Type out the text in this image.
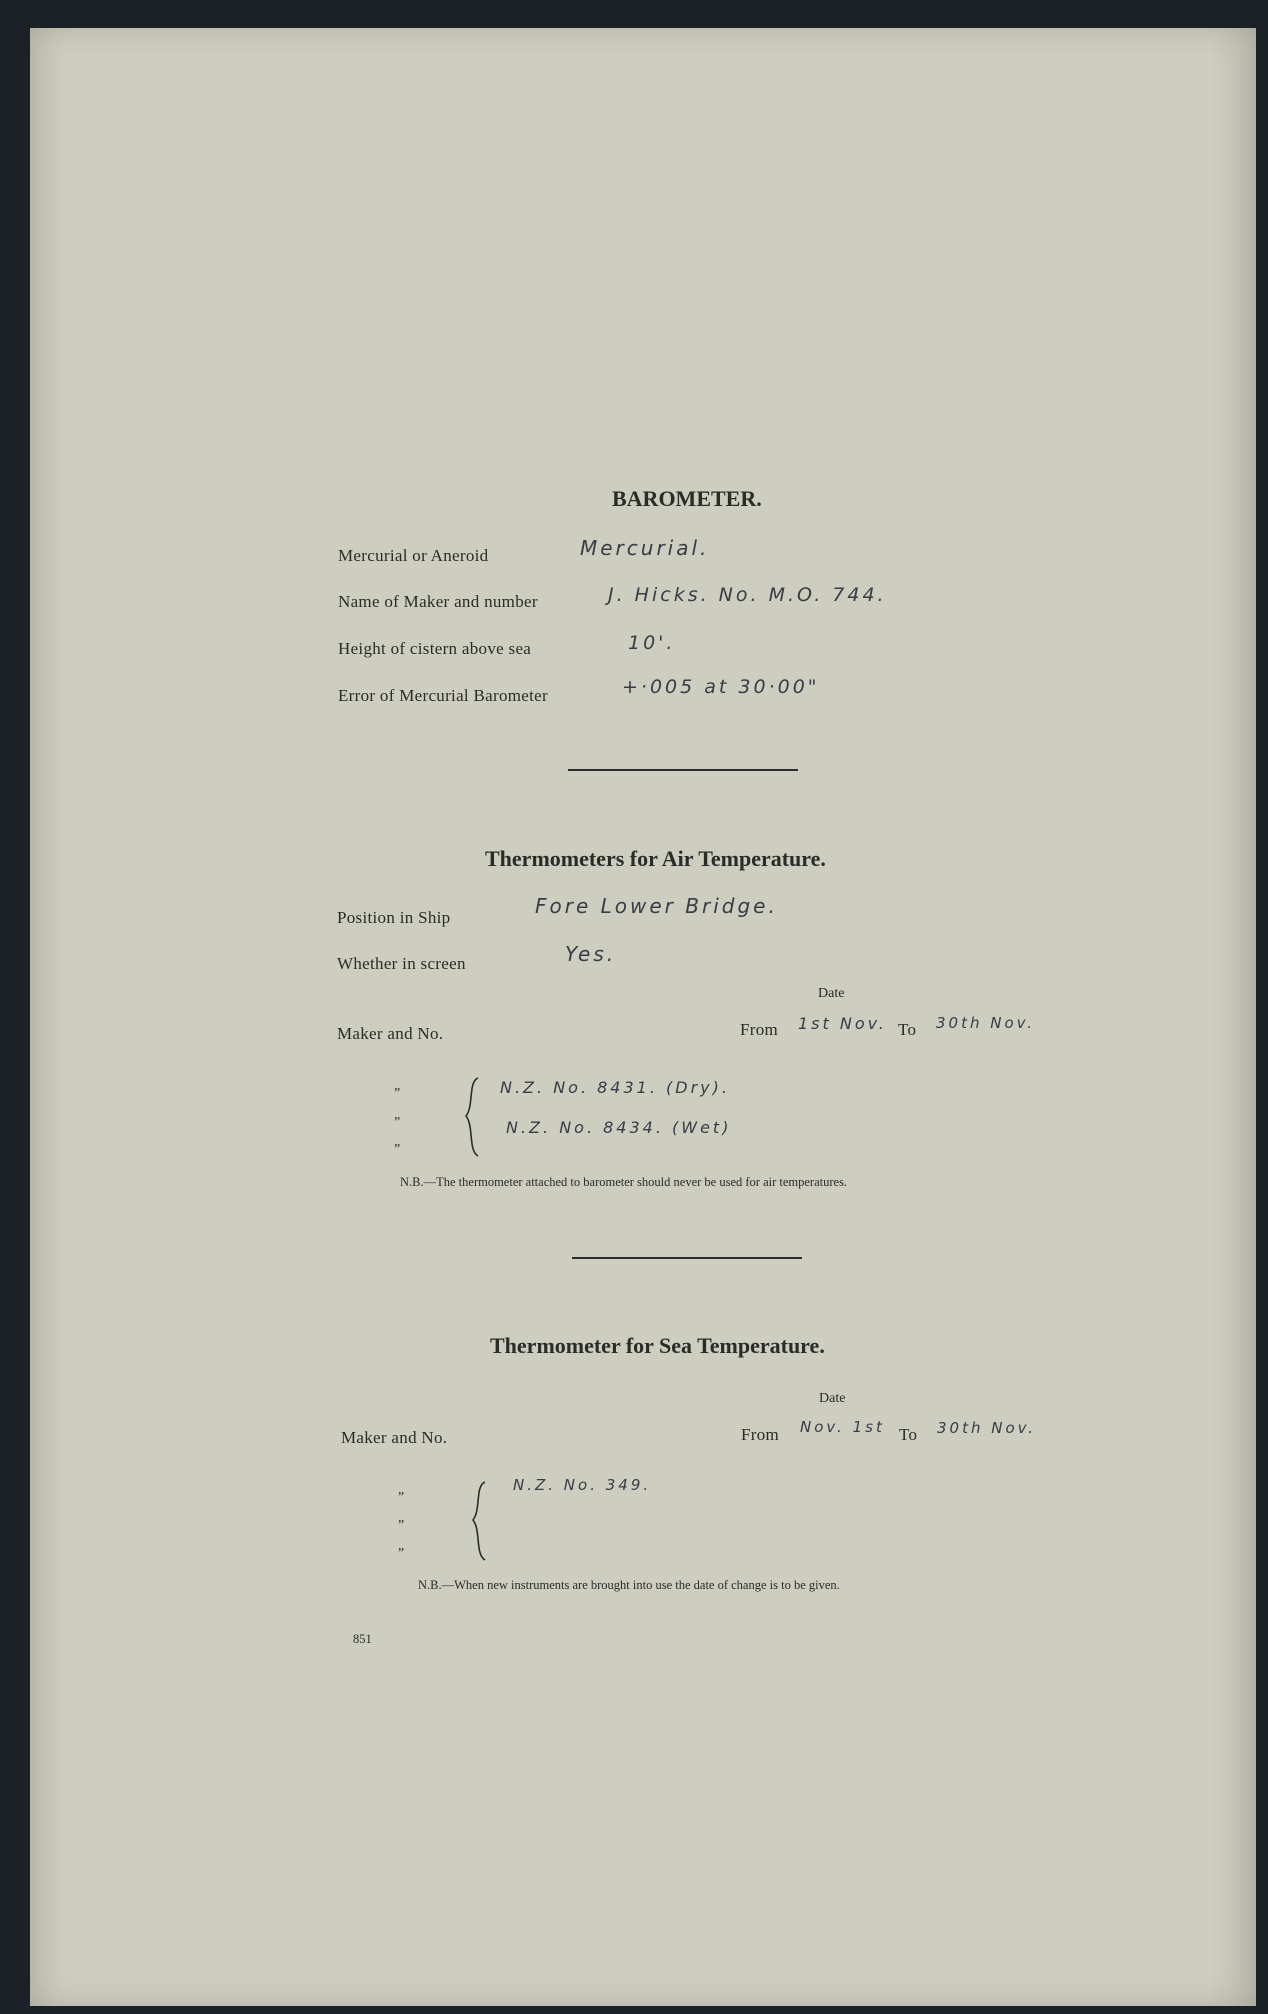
BAROMETER.
Mercurial or Aneroid	Mercurial.
Name of Maker and number	J. Hicks. No. M.O. 744.
Height of cistern above sea	10'.
Error of Mercurial Barometer	+·005 at 30·00"
Thermometers for Air Temperature.
Position in Ship	Fore Lower Bridge.
Whether in screen	Yes.
Date
Maker and No.	From 1st Nov. To 30th Nov.
”
”
”
N.Z. No. 8431. (Dry).
N.Z. No. 8434. (Wet)
N.B.—The thermometer attached to barometer should never be used for air temperatures.
Thermometer for Sea Temperature.
Date
Maker and No.	From Nov. 1st To 30th Nov.
”
”
”
N.Z. No. 349.
N.B.—When new instruments are brought into use the date of change is to be given.
851
